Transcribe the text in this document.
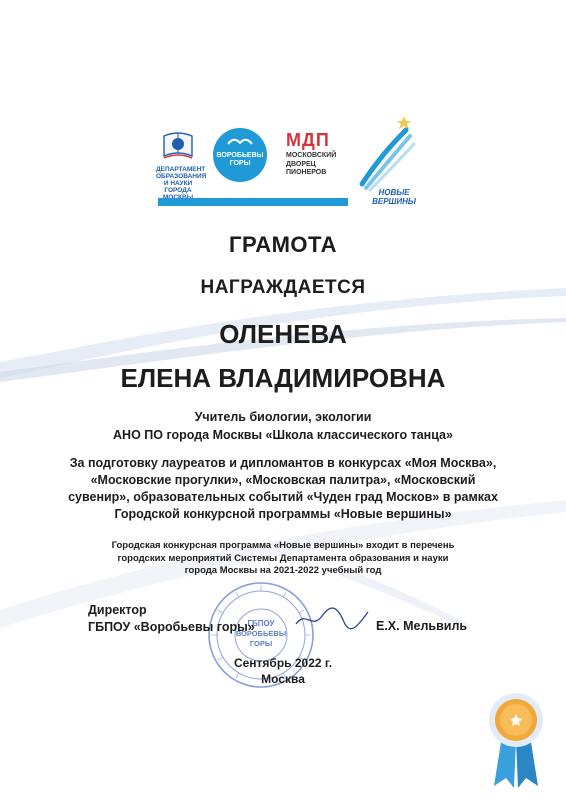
ДЕПАРТАМЕНТ
ОБРАЗОВАНИЯ
И НАУКИ
ГОРОДА
ВОРОБЬЕВЫ
ГОРЫ
МДП
МОСКОВСКИЙ
ДВОРЕЦ
ПИОНЕРОВ
НОВЫЕ
ВЕРШИНЫ
ГРАМОТА
НАГРАЖДАЕТСЯ
ОЛЕНЕВА
ЕЛЕНА ВЛАДИМИРОВНА
Учитель биологии, экологии
АНО ПО города Москвы «Школа классического танца»
За подготовку лауреатов и дипломантов в конкурсах «Моя Москва»,
«Московские прогулки», «Московская палитра», «Московский
сувенир», образовательных событий «Чуден град Москов» в рамках
Городской конкурсной программы «Новые вершины»
Городская конкурсная программа «Новые вершины» входит в перечень
городских мероприятий Системы Департамента образования и науки
города Москвы на 2021-2022 учебный год
ГБПОУ
ВОРОБЬЕВЫ
ГОРЫ
Директор
ГБПОУ «Воробьевы горы»	Е.Х. Мельвиль
Сентябрь 2022 г.
Москва
